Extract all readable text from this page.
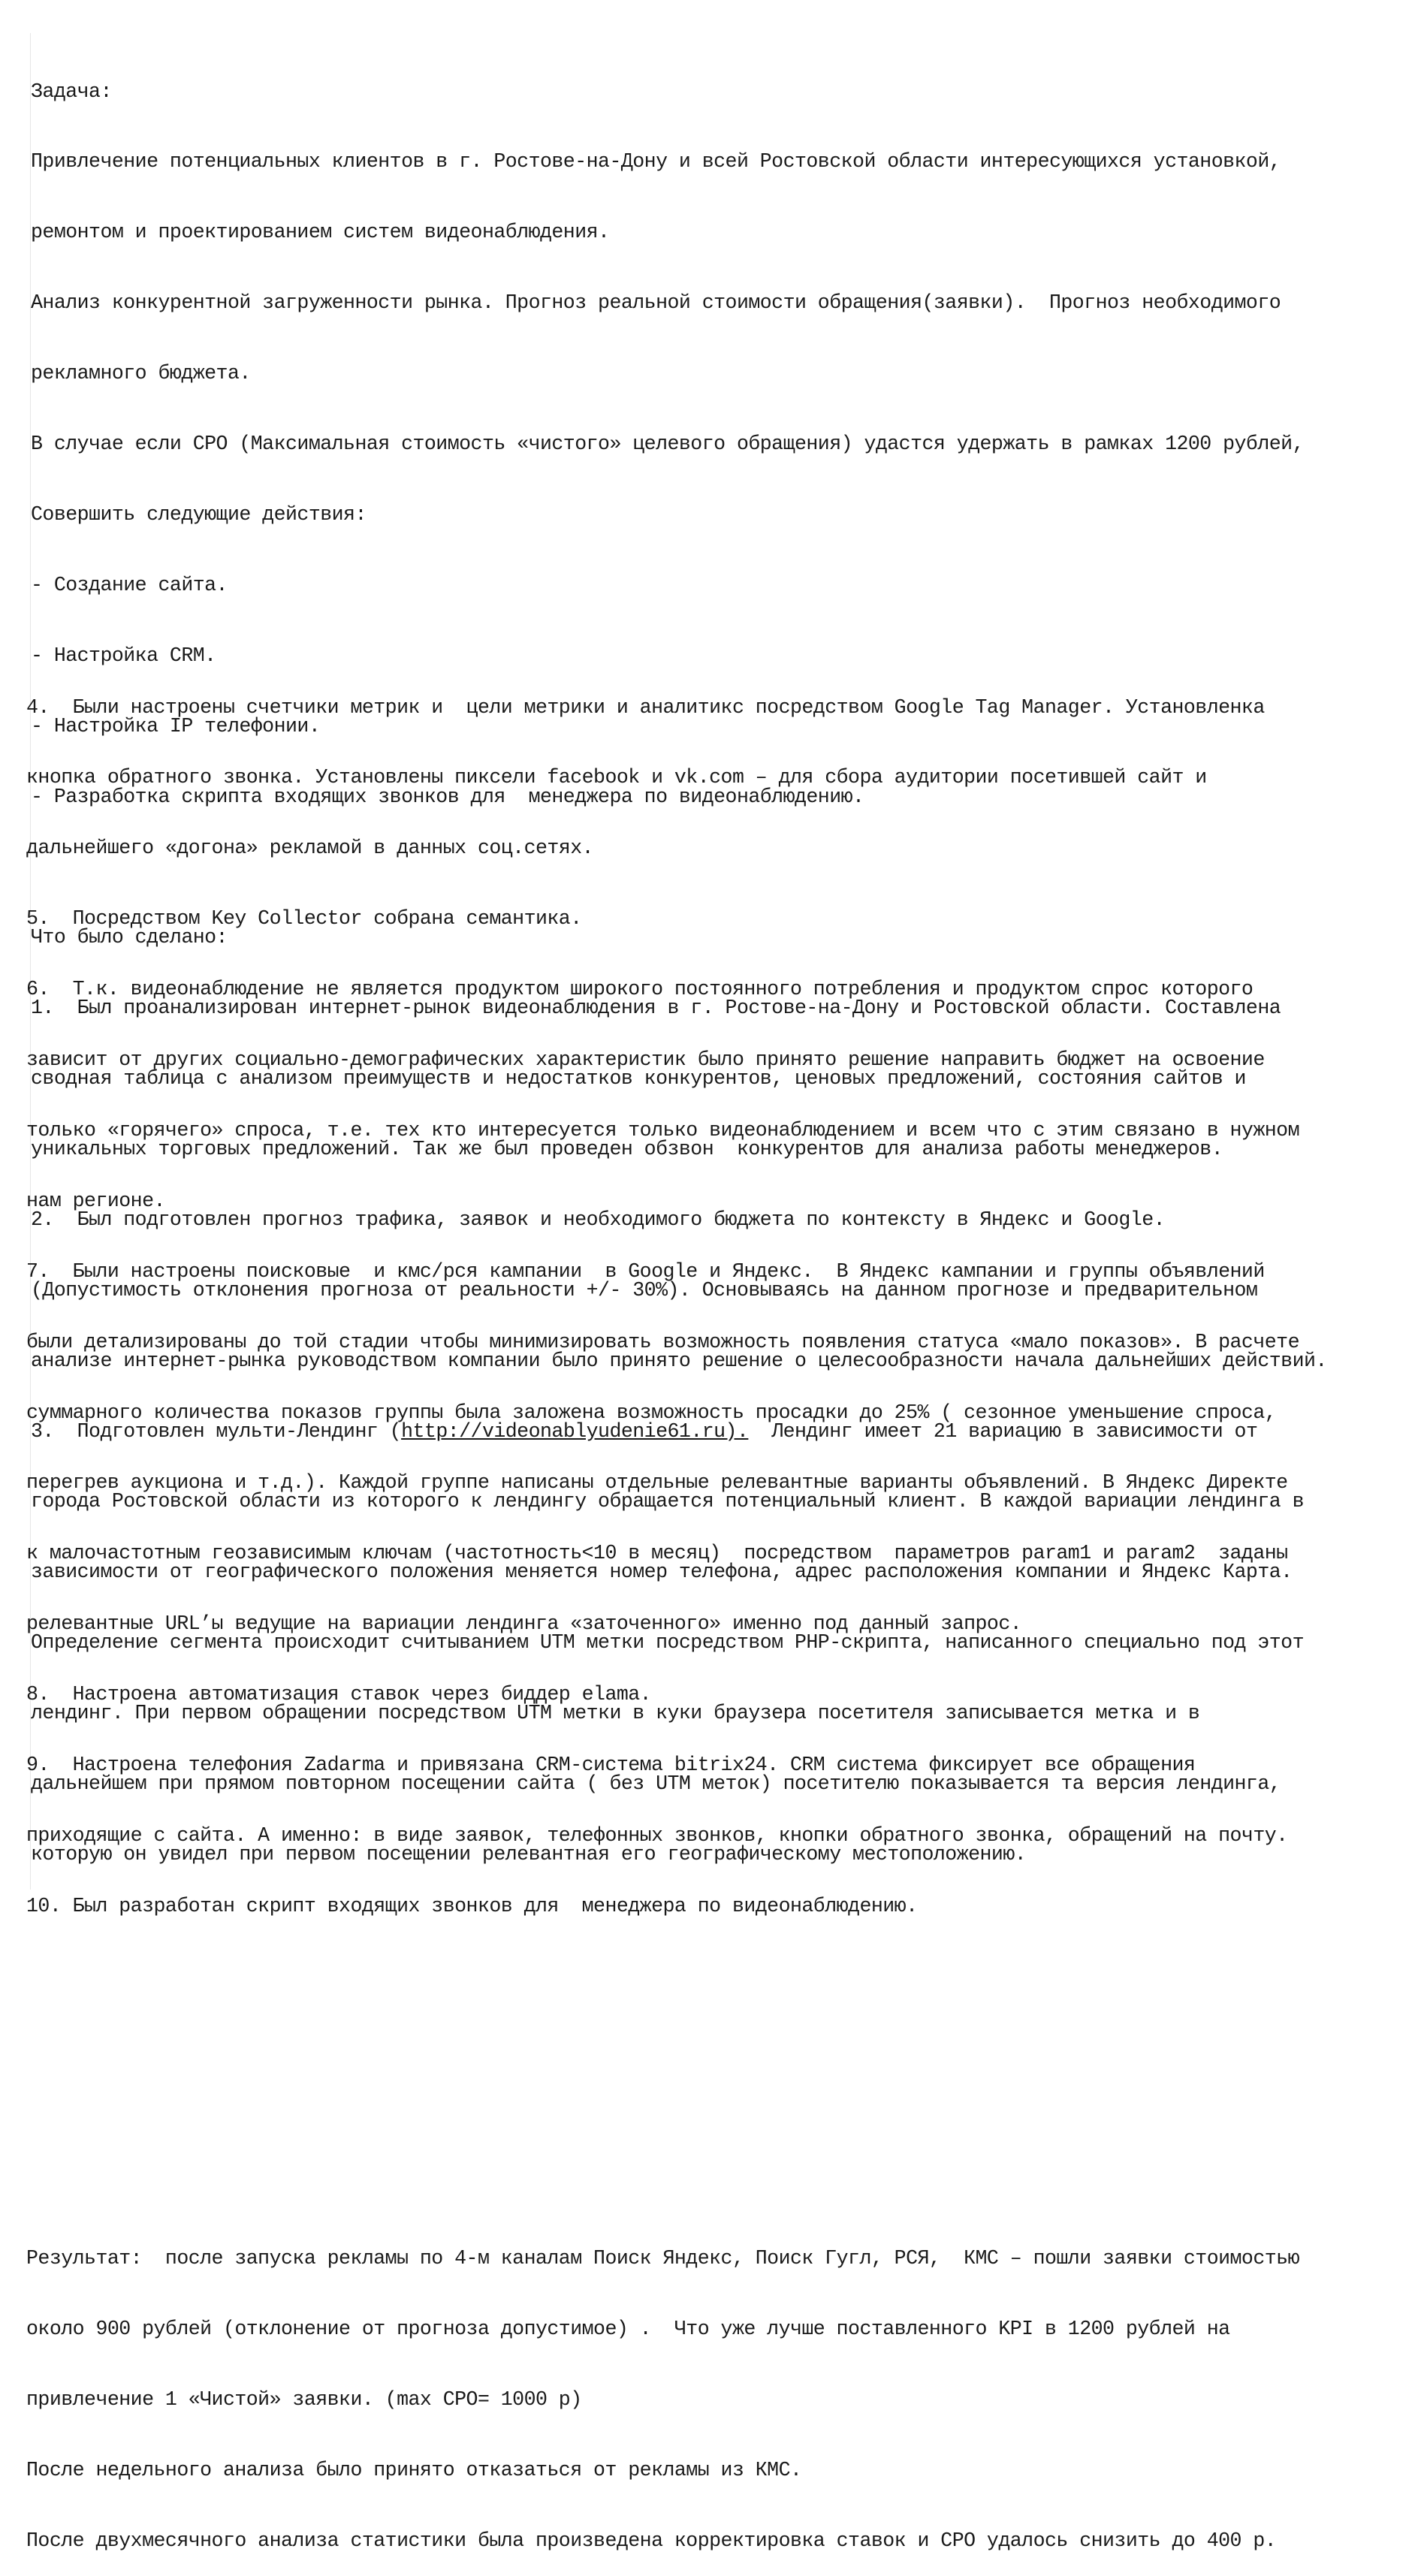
Задача:

Привлечение потенциальных клиентов в г. Ростове-на-Дону и всей Ростовской области интересующихся установкой,

ремонтом и проектированием систем видеонаблюдения.

Анализ конкурентной загруженности рынка. Прогноз реальной стоимости обращения(заявки).  Прогноз необходимого

рекламного бюджета.

В случае если CPO (Максимальная стоимость «чистого» целевого обращения) удастся удержать в рамках 1200 рублей,

Совершить следующие действия:

- Создание сайта.

- Настройка CRM.

- Настройка IP телефонии.

- Разработка скрипта входящих звонков для  менеджера по видеонаблюдению.

Что было сделано:

1.  Был проанализирован интернет-рынок видеонаблюдения в г. Ростове-на-Дону и Ростовской области. Составлена

сводная таблица с анализом преимуществ и недостатков конкурентов, ценовых предложений, состояния сайтов и

уникальных торговых предложений. Так же был проведен обзвон  конкурентов для анализа работы менеджеров.

2.  Был подготовлен прогноз трафика, заявок и необходимого бюджета по контексту в Яндекс и Google.

(Допустимость отклонения прогноза от реальности +/- 30%). Основываясь на данном прогнозе и предварительном

анализе интернет-рынка руководством компании было принято решение о целесообразности начала дальнейших действий.

3.  Подготовлен мульти-Лендинг (http://videonablyudenie61.ru).  Лендинг имеет 21 вариацию в зависимости от

города Ростовской области из которого к лендингу обращается потенциальный клиент. В каждой вариации лендинга в

зависимости от географического положения меняется номер телефона, адрес расположения компании и Яндекс Карта.

Определение сегмента происходит считыванием UTM метки посредством PHP-скрипта, написанного специально под этот

лендинг. При первом обращении посредством UTM метки в куки браузера посетителя записывается метка и в

дальнейшем при прямом повторном посещении сайта ( без UTM меток) посетителю показывается та версия лендинга,

которую он увидел при первом посещении релевантная его географическому местоположению.

4.  Были настроены счетчики метрик и  цели метрики и аналитикс посредством Google Tag Manager. Установленка

кнопка обратного звонка. Установлены пиксели facebook и vk.com – для сбора аудитории посетившей сайт и

дальнейшего «догона» рекламой в данных соц.сетях.

5.  Посредством Key Collector собрана семантика.

6.  Т.к. видеонаблюдение не является продуктом широкого постоянного потребления и продуктом спрос которого

зависит от других социально-демографических характеристик было принято решение направить бюджет на освоение

только «горячего» спроса, т.е. тех кто интересуется только видеонаблюдением и всем что с этим связано в нужном

нам регионе.

7.  Были настроены поисковые  и кмс/рся кампании  в Google и Яндекс.  В Яндекс кампании и группы объявлений

были детализированы до той стадии чтобы минимизировать возможность появления статуса «мало показов». В расчете

суммарного количества показов группы была заложена возможность просадки до 25% ( сезонное уменьшение спроса,

перегрев аукциона и т.д.). Каждой группе написаны отдельные релевантные варианты объявлений. В Яндекс Директе

к малочастотным геозависимым ключам (частотность<10 в месяц)  посредством  параметров param1 и param2  заданы

релевантные URL’ы ведущие на вариации лендинга «заточенного» именно под данный запрос.

8.  Настроена автоматизация ставок через биддер elama.

9.  Настроена телефония Zadarma и привязана CRM-система bitrix24. CRM система фиксирует все обращения

приходящие с сайта. А именно: в виде заявок, телефонных звонков, кнопки обратного звонка, обращений на почту.

10. Был разработан скрипт входящих звонков для  менеджера по видеонаблюдению.

Результат:  после запуска рекламы по 4-м каналам Поиск Яндекс, Поиск Гугл, РСЯ,  КМС – пошли заявки стоимостью

около 900 рублей (отклонение от прогноза допустимое) .  Что уже лучше поставленного KPI в 1200 рублей на

привлечение 1 «Чистой» заявки. (max CPO= 1000 р)

После недельного анализа было принято отказаться от рекламы из КМС.

После двухмесячного анализа статистики была произведена корректировка ставок и CPO удалось снизить до 400 р.
